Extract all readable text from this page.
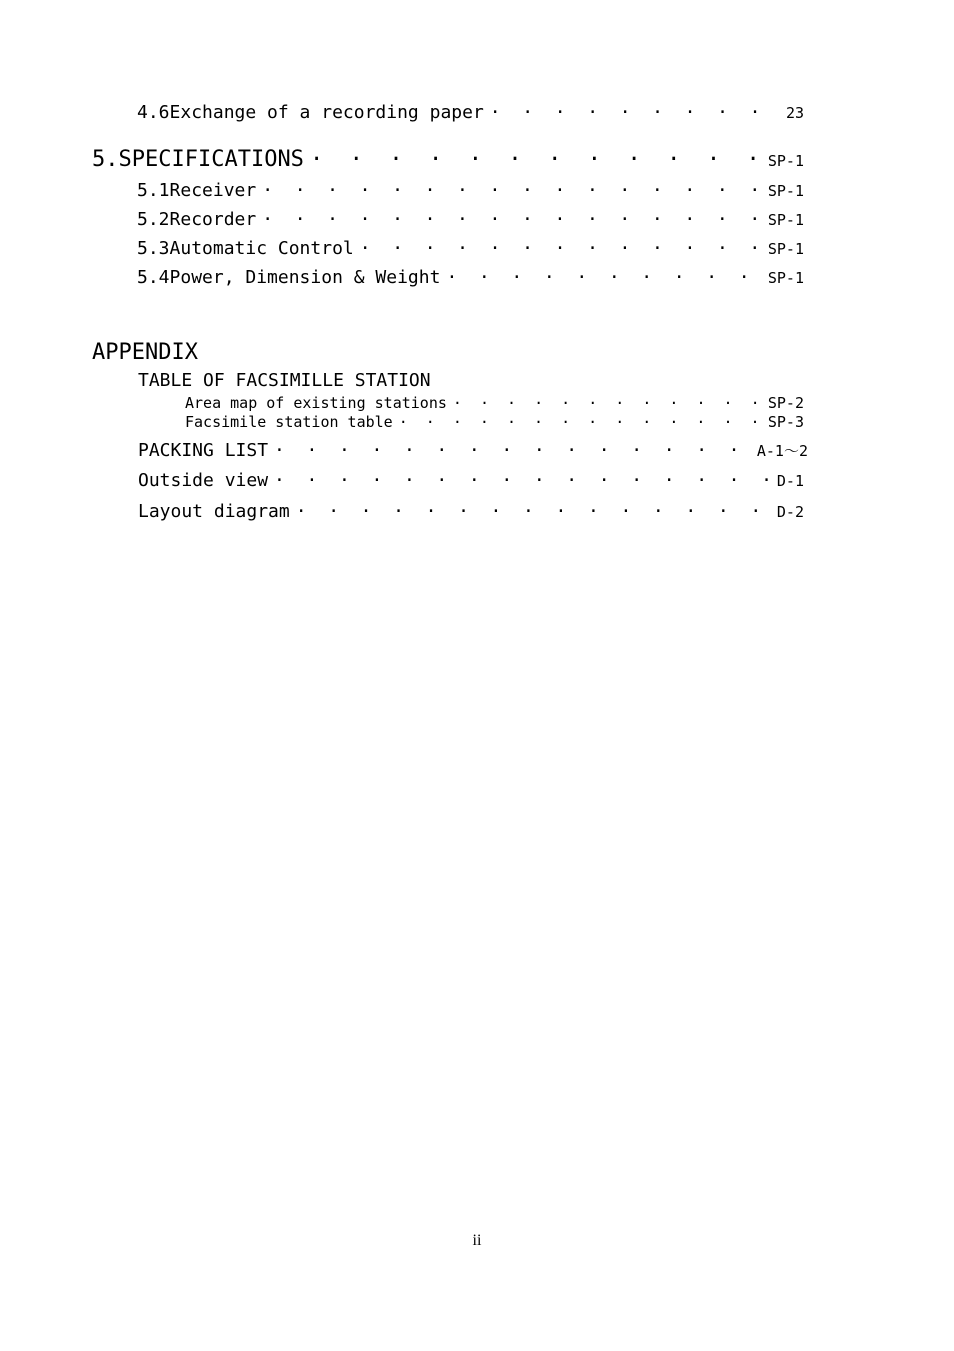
4.6 Exchange of a recording paper · · ·	23
5. SPECIFICATIONS · · ·	SP-1
5.1 Receiver · · ·	SP-1
5.2 Recorder · · ·	SP-1
5.3 Automatic Control · · ·	SP-1
5.4 Power, Dimension & Weight · · ·	SP-1
APPENDIX
TABLE OF FACSIMILLE STATION
Area map of existing stations · · ·	SP-2
Facsimile station table · · ·	SP-3
PACKING LIST · · ·	A-1～2
Outside view · · ·	D-1
Layout diagram · · ·	D-2
ii
